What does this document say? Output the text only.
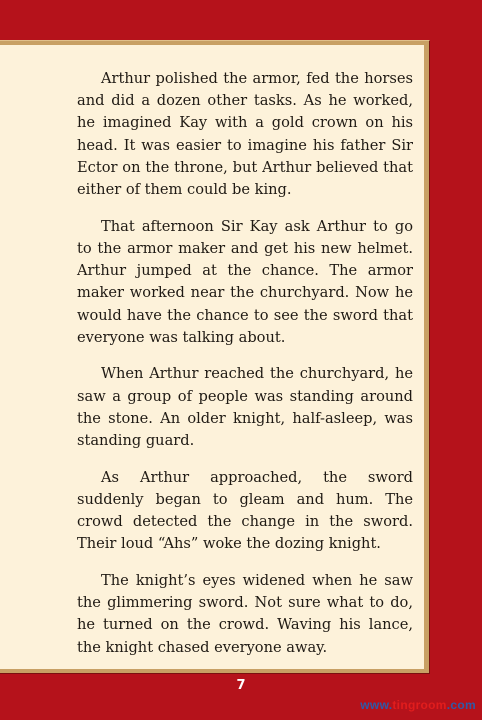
Arthur polished the armor, fed the horses and did a dozen other tasks. As he worked, he imagined Kay with a gold crown on his head. It was easier to imagine his father Sir Ector on the throne, but Arthur believed that either of them could be king.

That afternoon Sir Kay ask Arthur to go to the armor maker and get his new helmet. Arthur jumped at the chance. The armor maker worked near the churchyard. Now he would have the chance to see the sword that everyone was talking about.

When Arthur reached the churchyard, he saw a group of people was standing around the stone. An older knight, half-asleep, was standing guard.

As Arthur approached, the sword suddenly began to gleam and hum. The crowd detected the change in the sword. Their loud “Ahs” woke the dozing knight.

The knight’s eyes widened when he saw the glimmering sword. Not sure what to do, he turned on the crowd. Waving his lance, the knight chased everyone away.

7
www.tingroom.com
